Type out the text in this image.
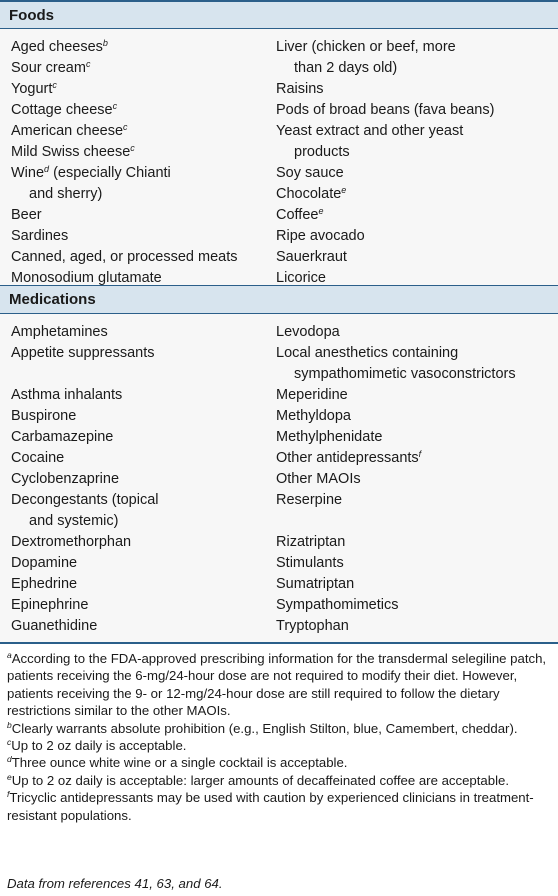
Foods
Aged cheeses$^b$
Sour cream$^c$
Yogurt$^c$
Cottage cheese$^c$
American cheese$^c$
Mild Swiss cheese$^c$
Wine$^d$ (especially Chianti
and sherry)
Beer
Sardines
Canned, aged, or processed meats
Monosodium glutamate
Liver (chicken or beef, more
than 2 days old)
Raisins
Pods of broad beans (fava beans)
Yeast extract and other yeast
products
Soy sauce
Chocolate$^e$
Coffee$^e$
Ripe avocado
Sauerkraut
Licorice
Medications
Amphetamines
Appetite suppressants

Asthma inhalants
Buspirone
Carbamazepine
Cocaine
Cyclobenzaprine
Decongestants (topical
and systemic)
Dextromethorphan
Dopamine
Ephedrine
Epinephrine
Guanethidine
Levodopa
Local anesthetics containing
sympathomimetic vasoconstrictors
Meperidine
Methyldopa
Methylphenidate
Other antidepressants$^f$
Other MAOIs
Reserpine

Rizatriptan
Stimulants
Sumatriptan
Sympathomimetics
Tryptophan

$^a$According to the FDA-approved prescribing information for the transdermal selegiline patch, patients receiving the 6-mg/24-hour dose are not required to modify their diet. However, patients receiving the 9- or 12-mg/24-hour dose are still required to follow the dietary restrictions similar to the other MAOIs.

$^b$Clearly warrants absolute prohibition (e.g., English Stilton, blue, Camembert, cheddar).

$^c$Up to 2 oz daily is acceptable.

$^d$Three ounce white wine or a single cocktail is acceptable.

$^e$Up to 2 oz daily is acceptable: larger amounts of decaffeinated coffee are acceptable.

$^f$Tricyclic antidepressants may be used with caution by experienced clinicians in treatment-resistant populations.

Data from references 41, 63, and 64.
